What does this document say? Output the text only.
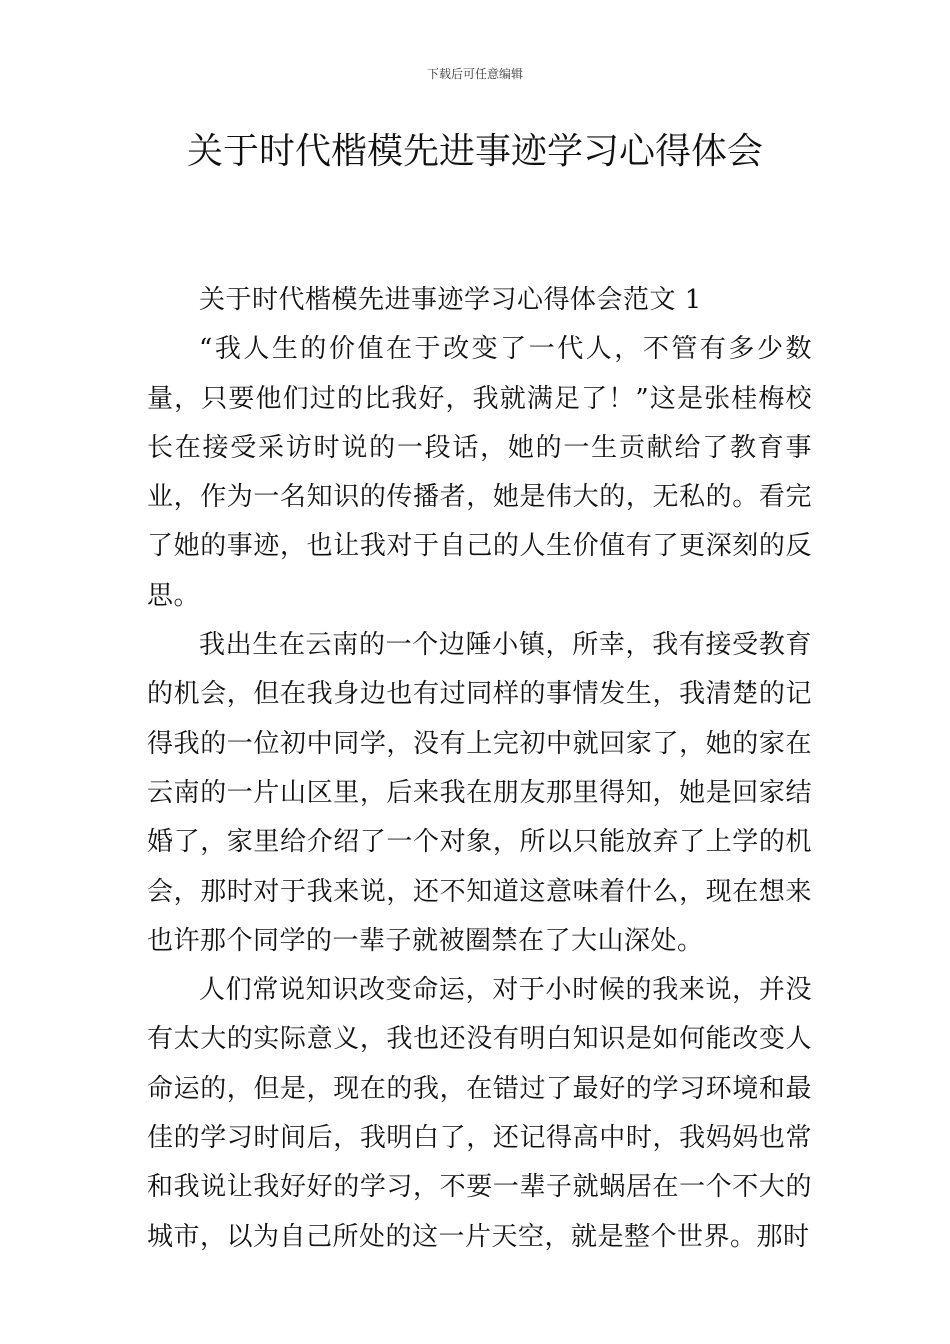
下载后可任意编辑
关于时代楷模先进事迹学习心得体会

关于时代楷模先进事迹学习心得体会范文 1

“我人生的价值在于改变了一代人，不管有多少数量，只要他们过的比我好，我就满足了！”这是张桂梅校长在接受采访时说的一段话，她的一生贡献给了教育事业，作为一名知识的传播者，她是伟大的，无私的。看完了她的事迹，也让我对于自己的人生价值有了更深刻的反思。

我出生在云南的一个边陲小镇，所幸，我有接受教育的机会，但在我身边也有过同样的事情发生，我清楚的记得我的一位初中同学，没有上完初中就回家了，她的家在云南的一片山区里，后来我在朋友那里得知，她是回家结婚了，家里给介绍了一个对象，所以只能放弃了上学的机会，那时对于我来说，还不知道这意味着什么，现在想来也许那个同学的一辈子就被圈禁在了大山深处。

人们常说知识改变命运，对于小时候的我来说，并没有太大的实际意义，我也还没有明白知识是如何能改变人命运的，但是，现在的我，在错过了最好的学习环境和最佳的学习时间后，我明白了，还记得高中时，我妈妈也常和我说让我好好的学习，不要一辈子就蜗居在一个不大的城市，以为自己所处的这一片天空，就是整个世界。那时
